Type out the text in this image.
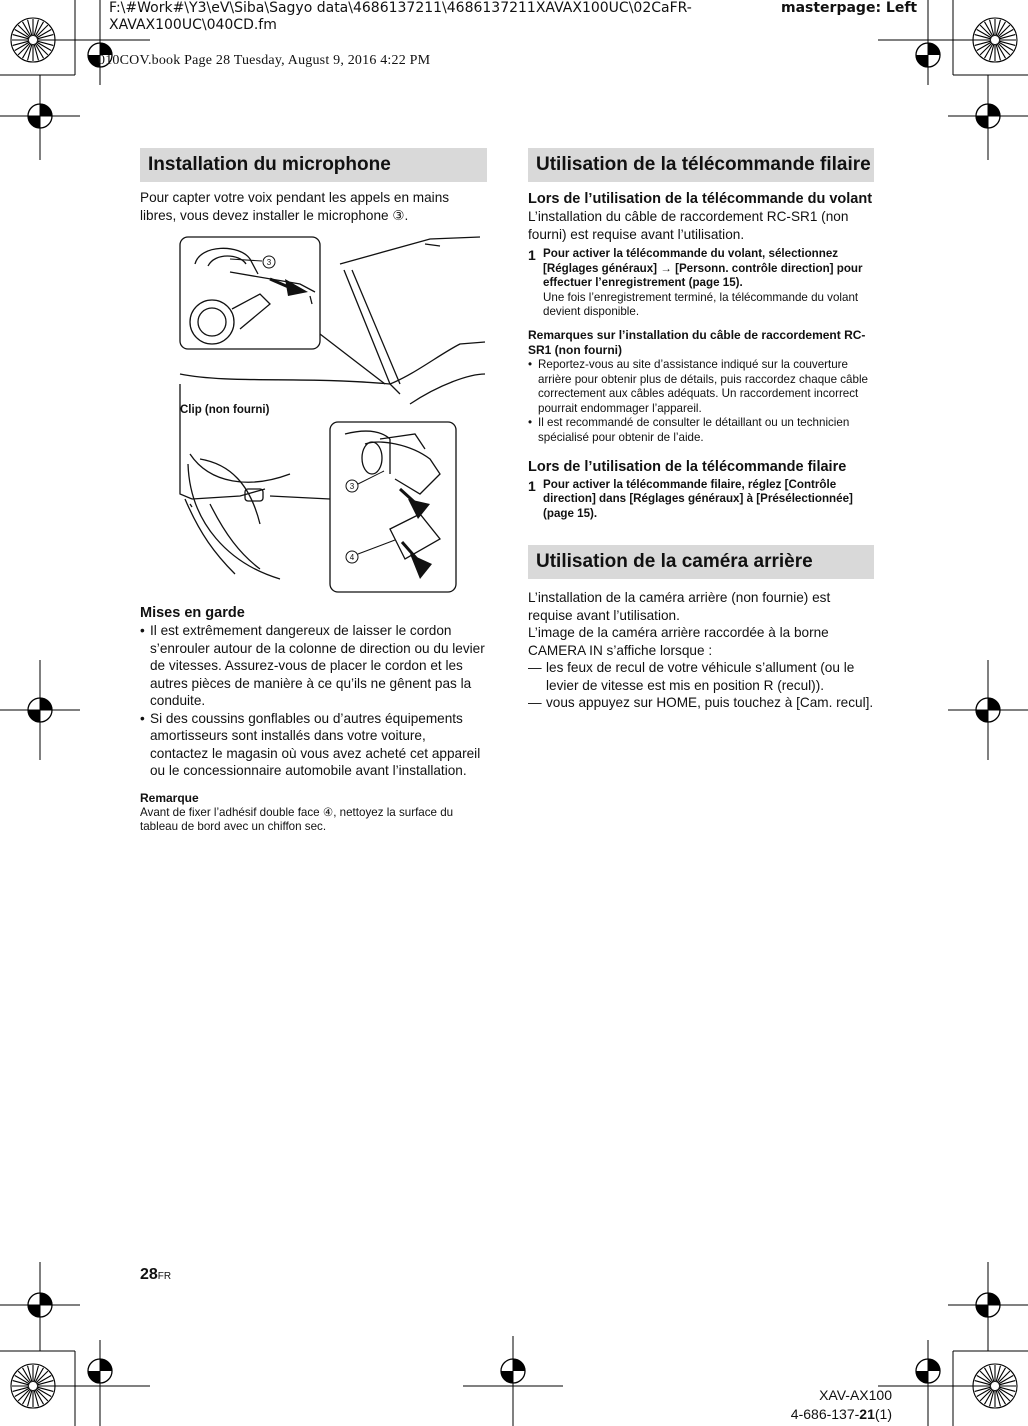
F:\#Work#\Y3\eV\Siba\Sagyo data\4686137211\4686137211XAVAX100UC\02CaFR-XAVAX100UC\040CD.fm
masterpage: Left
010COV.book Page 28 Tuesday, August 9, 2016 4:22 PM
Installation du microphone

Pour capter votre voix pendant les appels en mains libres, vous devez installer le microphone ③.

3
3
4
Clip (non fourni)
Mises en garde
• Il est extrêmement dangereux de laisser le cordon s’enrouler autour de la colonne de direction ou du levier de vitesses. Assurez-vous de placer le cordon et les autres pièces de manière à ce qu’ils ne gênent pas la conduite.
• Si des coussins gonflables ou d’autres équipements amortisseurs sont installés dans votre voiture, contactez le magasin où vous avez acheté cet appareil ou le concessionnaire automobile avant l’installation.
Remarque

Avant de fixer l’adhésif double face ④, nettoyez la surface du tableau de bord avec un chiffon sec.

Utilisation de la télécommande filaire
Lors de l’utilisation de la télécommande du volant

L’installation du câble de raccordement RC-SR1 (non fourni) est requise avant l’utilisation.

1 Pour activer la télécommande du volant, sélectionnez [Réglages généraux] → [Personn. contrôle direction] pour effectuer l’enregistrement (page 15).

Une fois l’enregistrement terminé, la télécommande du volant devient disponible.

Remarques sur l’installation du câble de raccordement RC-SR1 (non fourni)
• Reportez-vous au site d’assistance indiqué sur la couverture arrière pour obtenir plus de détails, puis raccordez chaque câble correctement aux câbles adéquats. Un raccordement incorrect pourrait endommager l’appareil.
• Il est recommandé de consulter le détaillant ou un technicien spécialisé pour obtenir de l’aide.
Lors de l’utilisation de la télécommande filaire
1 Pour activer la télécommande filaire, réglez [Contrôle direction] dans [Réglages généraux] à [Présélectionnée] (page 15).

Utilisation de la caméra arrière

L’installation de la caméra arrière (non fournie) est requise avant l’utilisation.

L’image de la caméra arrière raccordée à la borne CAMERA IN s’affiche lorsque :

— les feux de recul de votre véhicule s’allument (ou le levier de vitesse est mis en position R (recul)).
— vous appuyez sur HOME, puis touchez à [Cam. recul].
28FR
XAV-AX100
4-686-137-21(1)
